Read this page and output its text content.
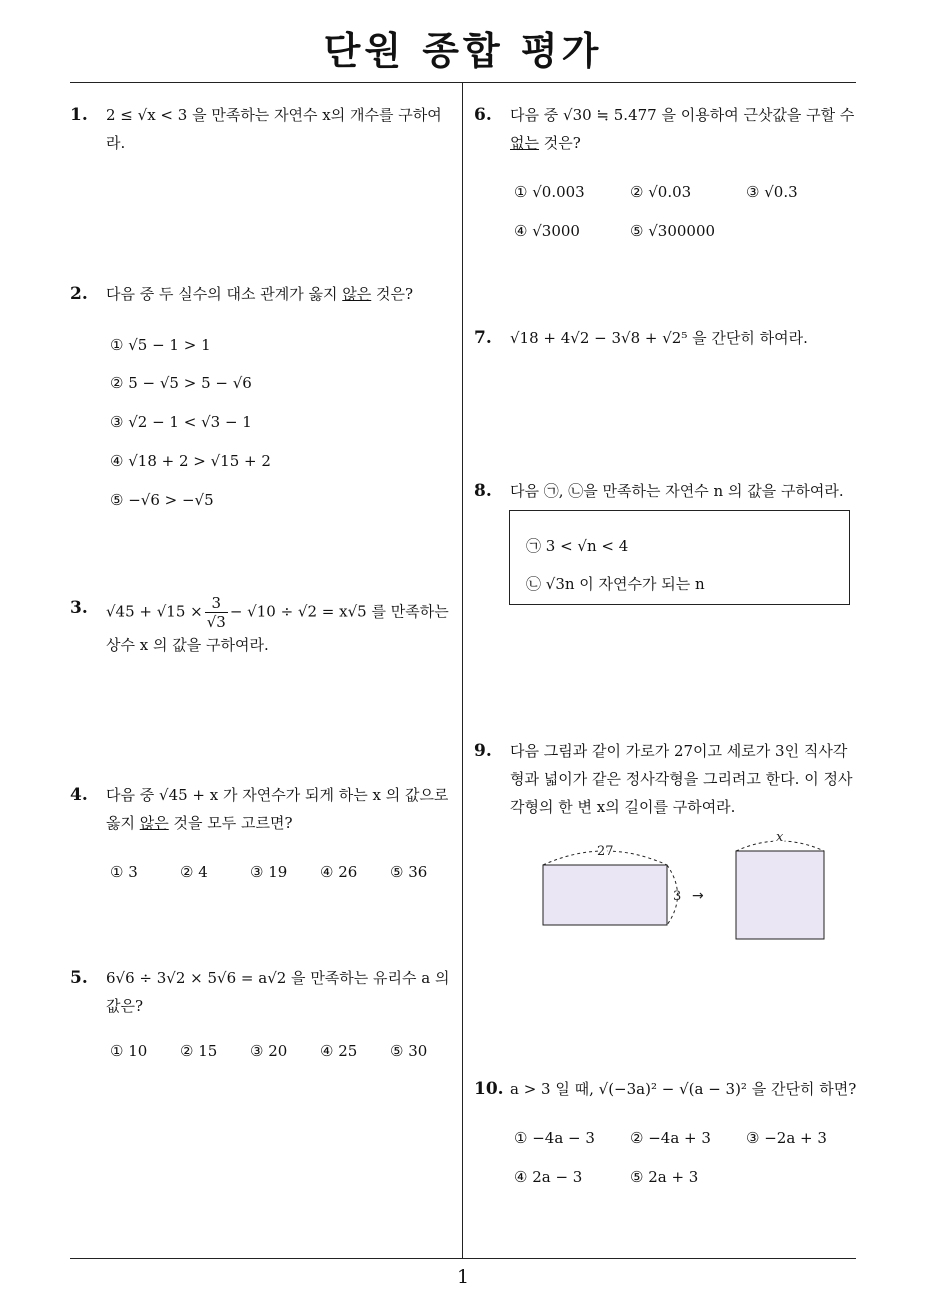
단원 종합 평가
1
1. 2 ≤ √x < 3 을 만족하는 자연수 x의 개수를 구하여라.
2. 다음 중 두 실수의 대소 관계가 옳지 않은 것은?
① √5 − 1 > 1
② 5 − √5 > 5 − √6
③ √2 − 1 < √3 − 1
④ √18 + 2 > √15 + 2
⑤ −√6 > −√5
3. $√45 + √15 \times \frac{3}{√3} - √10 \div √2 = x√5$ 를 만족하는
상수 x 의 값을 구하여라.
4. 다음 중 √45 + x 가 자연수가 되게 하는 x 의 값으로
옳지 않은 것을 모두 고르면?
① 3	② 4	③ 19 ④ 26 ⑤ 36
5. 6√6 ÷ 3√2 × 5√6 = a√2 을 만족하는 유리수 a 의
값은?
① 10 ② 15 ③ 20 ④ 25 ⑤ 30
6. 다음 중 √30 ≒ 5.477 을 이용하여 근삿값을 구할 수
없는 것은?
① √0.003	② √0.03	③ √0.3
④ √3000	⑤ √300000
7. √18 + 4√2 − 3√8 + √2⁵ 을 간단히 하여라.
8. 다음 ㉠, ㉡을 만족하는 자연수 n 의 값을 구하여라.
㉠ 3 < √n < 4
㉡ √3n 이 자연수가 되는 n
9. 다음 그림과 같이 가로가 27이고 세로가 3인 직사각
형과 넓이가 같은 정사각형을 그리려고 한다. 이 정사
각형의 한 변 x의 길이를 구하여라.
27
3 →
x
10. a > 3 일 때, √(−3a)² − √(a − 3)² 을 간단히 하면?
① −4a − 3 ② −4a + 3 ③ −2a + 3
④ 2a − 3	⑤ 2a + 3
